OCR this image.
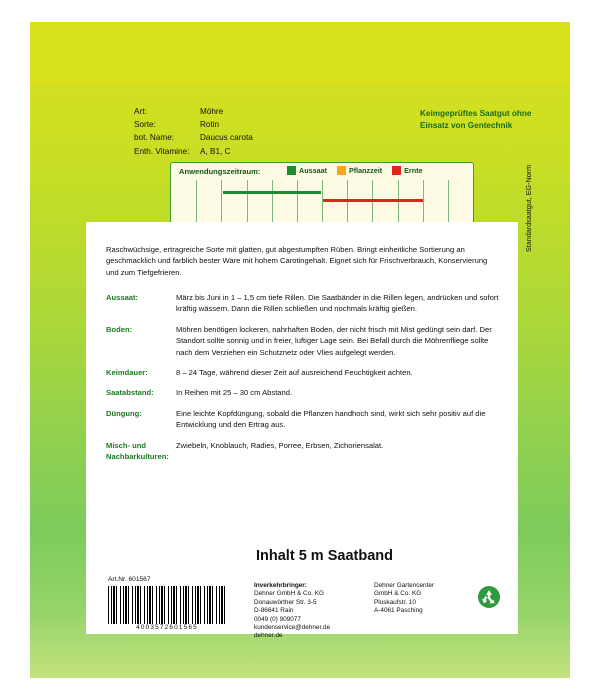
Art:	Möhre
Sorte:	Rotin
bot. Name:	Daucus carota
Enth. Vitamine:	A, B1, C
Keimgeprüftes Saatgut ohne Einsatz von Gentechnik
Anwendungszeitraum:	Aussaat	Pflanzzeit	Ernte
Raschwüchsige, ertragreiche Sorte mit glatten, gut abgestumpften Rüben. Bringt einheitliche Sortierung an geschmacklich und farblich bester Ware mit hohem Carotingehalt. Eignet sich für Frischverbrauch, Konservierung und zum Tiefgefrieren.
Aussaat:	März bis Juni in 1 – 1,5 cm tiefe Rillen. Die Saatbänder in die Rillen legen, andrücken und sofort kräftig wässern. Dann die Rillen schließen und nochmals kräftig gießen.
Boden:	Möhren benötigen lockeren, nahrhaften Boden, der nicht frisch mit Mist gedüngt sein darf. Der Standort sollte sonnig und in freier, luftiger Lage sein. Bei Befall durch die Möhrenfliege sollte nach dem Verziehen ein Schutznetz oder Vlies aufgelegt werden.
Keimdauer:	8 – 24 Tage, während dieser Zeit auf ausreichend Feuchtigkeit achten.
Saatabstand:	In Reihen mit 25 – 30 cm Abstand.
Düngung:	Eine leichte Kopfdüngung, sobald die Pflanzen handhoch sind, wirkt sich sehr positiv auf die Entwicklung und den Ertrag aus.
Misch- und Nachbarkulturen:
Zwiebeln, Knoblauch, Radies, Porree, Erbsen, Zichoriensalat.
Inhalt 5 m Saatband
Art.Nr. 601567
4003572601565
Inverkehrbringer:
Dehner GmbH & Co. KG
Donauwörther Str. 3-5
D-86641 Rain
0049 (0) 909077
kundenservice@dehner.de
dehner.de
Dehner Gartencenter
GmbH & Co. KG
Pluskaufstr. 10
A-4061 Pasching
Standardsaatgut, EG-Norm
